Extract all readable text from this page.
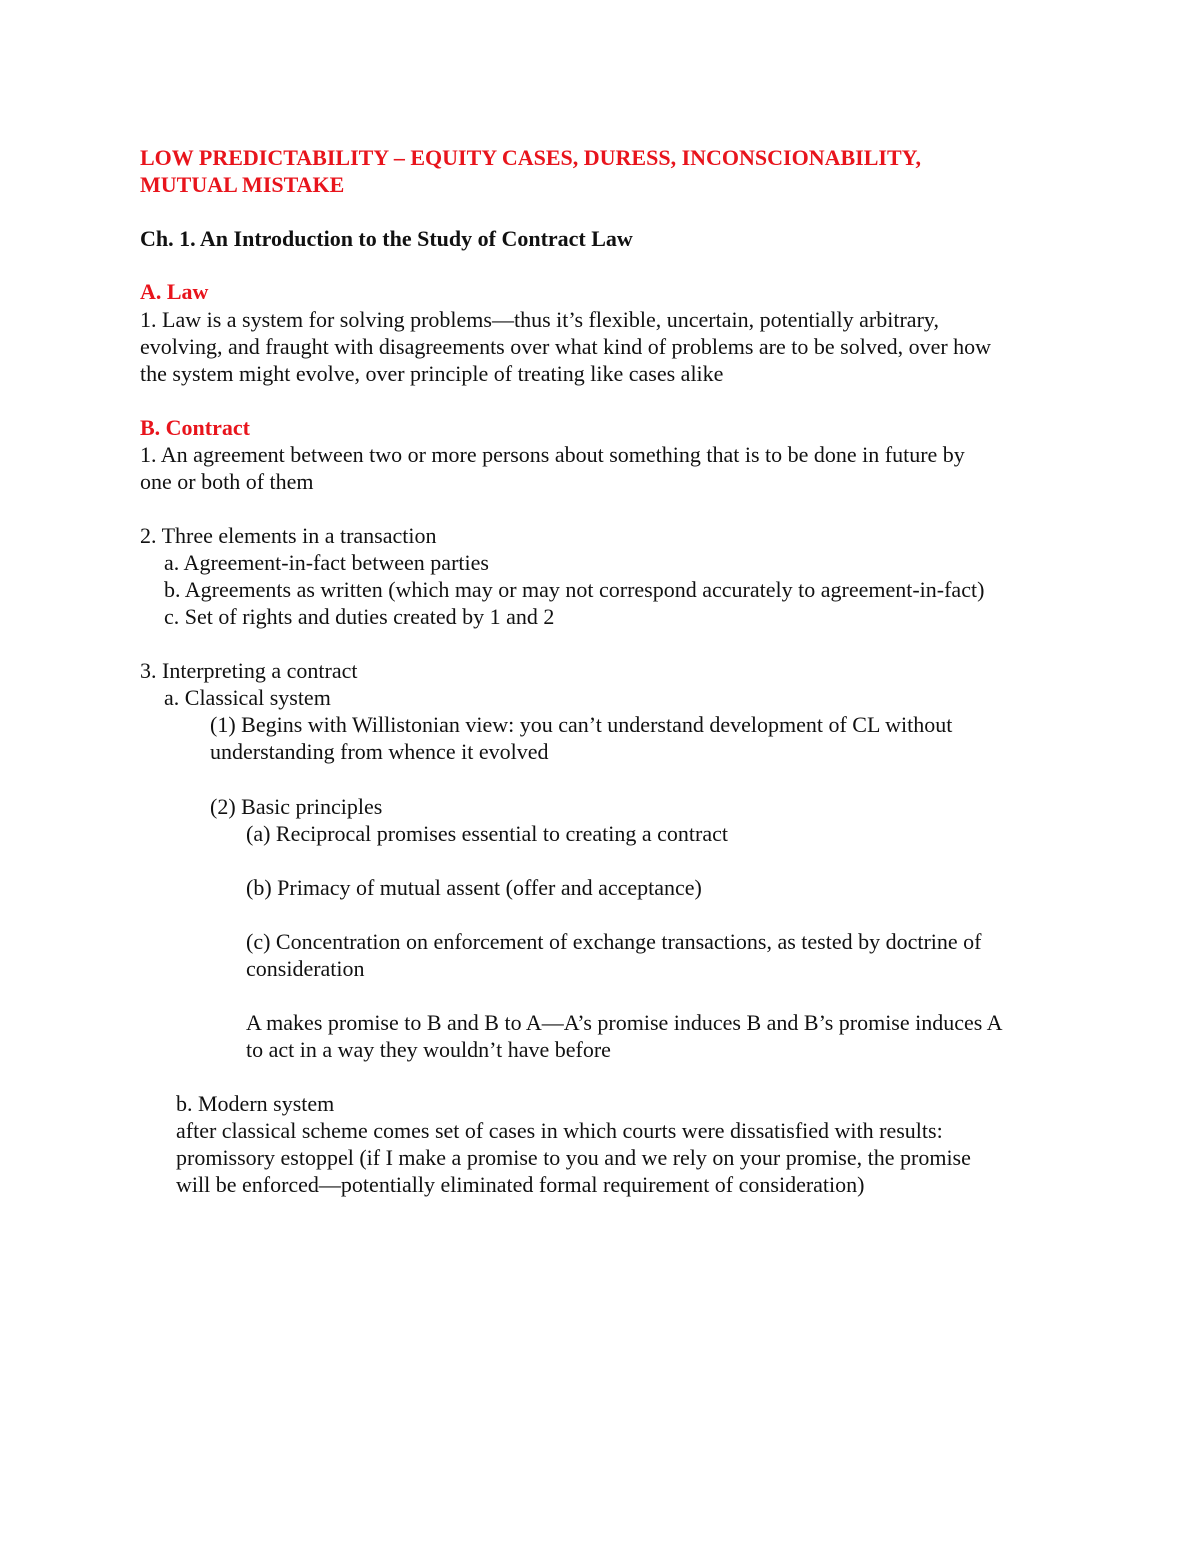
LOW PREDICTABILITY – EQUITY CASES, DURESS, INCONSCIONABILITY,
MUTUAL MISTAKE
Ch. 1. An Introduction to the Study of Contract Law
A. Law
1. Law is a system for solving problems—thus it’s flexible, uncertain, potentially arbitrary,
evolving, and fraught with disagreements over what kind of problems are to be solved, over how
the system might evolve, over principle of treating like cases alike
B. Contract
1. An agreement between two or more persons about something that is to be done in future by
one or both of them
2. Three elements in a transaction
a. Agreement-in-fact between parties
b. Agreements as written (which may or may not correspond accurately to agreement-in-fact)
c. Set of rights and duties created by 1 and 2
3. Interpreting a contract
a. Classical system
(1) Begins with Willistonian view: you can’t understand development of CL without
understanding from whence it evolved
(2) Basic principles
(a) Reciprocal promises essential to creating a contract
(b) Primacy of mutual assent (offer and acceptance)
(c) Concentration on enforcement of exchange transactions, as tested by doctrine of
consideration
A makes promise to B and B to A—A’s promise induces B and B’s promise induces A
to act in a way they wouldn’t have before
b. Modern system
after classical scheme comes set of cases in which courts were dissatisfied with results:
promissory estoppel (if I make a promise to you and we rely on your promise, the promise
will be enforced—potentially eliminated formal requirement of consideration)
